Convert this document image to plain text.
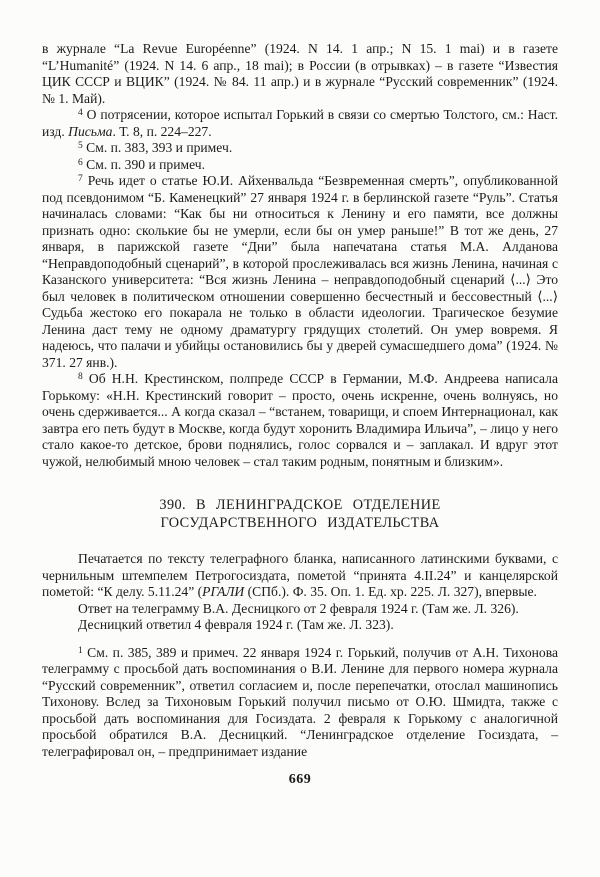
в журнале “La Revue Européenne” (1924. N 14. 1 апр.; N 15. 1 mai) и в газете “L’Humanité” (1924. N 14. 6 апр., 18 mai); в России (в отрывках) – в газете “Известия ЦИК СССР и ВЦИК” (1924. № 84. 11 апр.) и в журнале “Русский современник” (1924. № 1. Май).

$^4$ О потрясении, которое испытал Горький в связи со смертью Толстого, см.: Наст. изд. Письма. Т. 8, п. 224–227.

$^5$ См. п. 383, 393 и примеч.

$^6$ См. п. 390 и примеч.

$^7$ Речь идет о статье Ю.И. Айхенвальда “Безвременная смерть”, опубликованной под псевдонимом “Б. Каменецкий” 27 января 1924 г. в берлинской газете “Руль”. Статья начиналась словами: “Как бы ни относиться к Ленину и его памяти, все должны признать одно: сколькие бы не умерли, если бы он умер раньше!” В тот же день, 27 января, в парижской газете “Дни” была напечатана статья М.А. Алданова “Неправдоподобный сценарий”, в которой прослеживалась вся жизнь Ленина, начиная с Казанского университета: “Вся жизнь Ленина – неправдоподобный сценарий ⟨...⟩ Это был человек в политическом отношении совершенно бесчестный и бессовестный ⟨...⟩ Судьба жестоко его покарала не только в области идеологии. Трагическое безумие Ленина даст тему не одному драматургу грядущих столетий. Он умер вовремя. Я надеюсь, что палачи и убийцы остановились бы у дверей сумасшедшего дома” (1924. № 371. 27 янв.).

$^8$ Об Н.Н. Крестинском, полпреде СССР в Германии, М.Ф. Андреева написала Горькому: «Н.Н. Крестинский говорит – просто, очень искренне, очень волнуясь, но очень сдерживается... А когда сказал – “встанем, товарищи, и споем Интернационал, как завтра его петь будут в Москве, когда будут хоронить Владимира Ильича”, – лицо у него стало какое-то детское, брови поднялись, голос сорвался и – заплакал. И вдруг этот чужой, нелюбимый мною человек – стал таким родным, понятным и близким».

390. В ЛЕНИНГРАДСКОЕ ОТДЕЛЕНИЕ
ГОСУДАРСТВЕННОГО ИЗДАТЕЛЬСТВА

Печатается по тексту телеграфного бланка, написанного латинскими буквами, с чернильным штемпелем Петрогосиздата, пометой “принята 4.II.24” и канцелярской пометой: “К делу. 5.11.24” (РГАЛИ (СПб.). Ф. 35. Оп. 1. Ед. хр. 225. Л. 327), впервые.

Ответ на телеграмму В.А. Десницкого от 2 февраля 1924 г. (Там же. Л. 326).

Десницкий ответил 4 февраля 1924 г. (Там же. Л. 323).

$^1$ См. п. 385, 389 и примеч. 22 января 1924 г. Горький, получив от А.Н. Тихонова телеграмму с просьбой дать воспоминания о В.И. Ленине для первого номера журнала “Русский современник”, ответил согласием и, после перепечатки, отослал машинопись Тихонову. Вслед за Тихоновым Горький получил письмо от О.Ю. Шмидта, также с просьбой дать воспоминания для Госиздата. 2 февраля к Горькому с аналогичной просьбой обратился В.А. Десницкий. “Ленинградское отделение Госиздата, – телеграфировал он, – предпринимает издание

669
